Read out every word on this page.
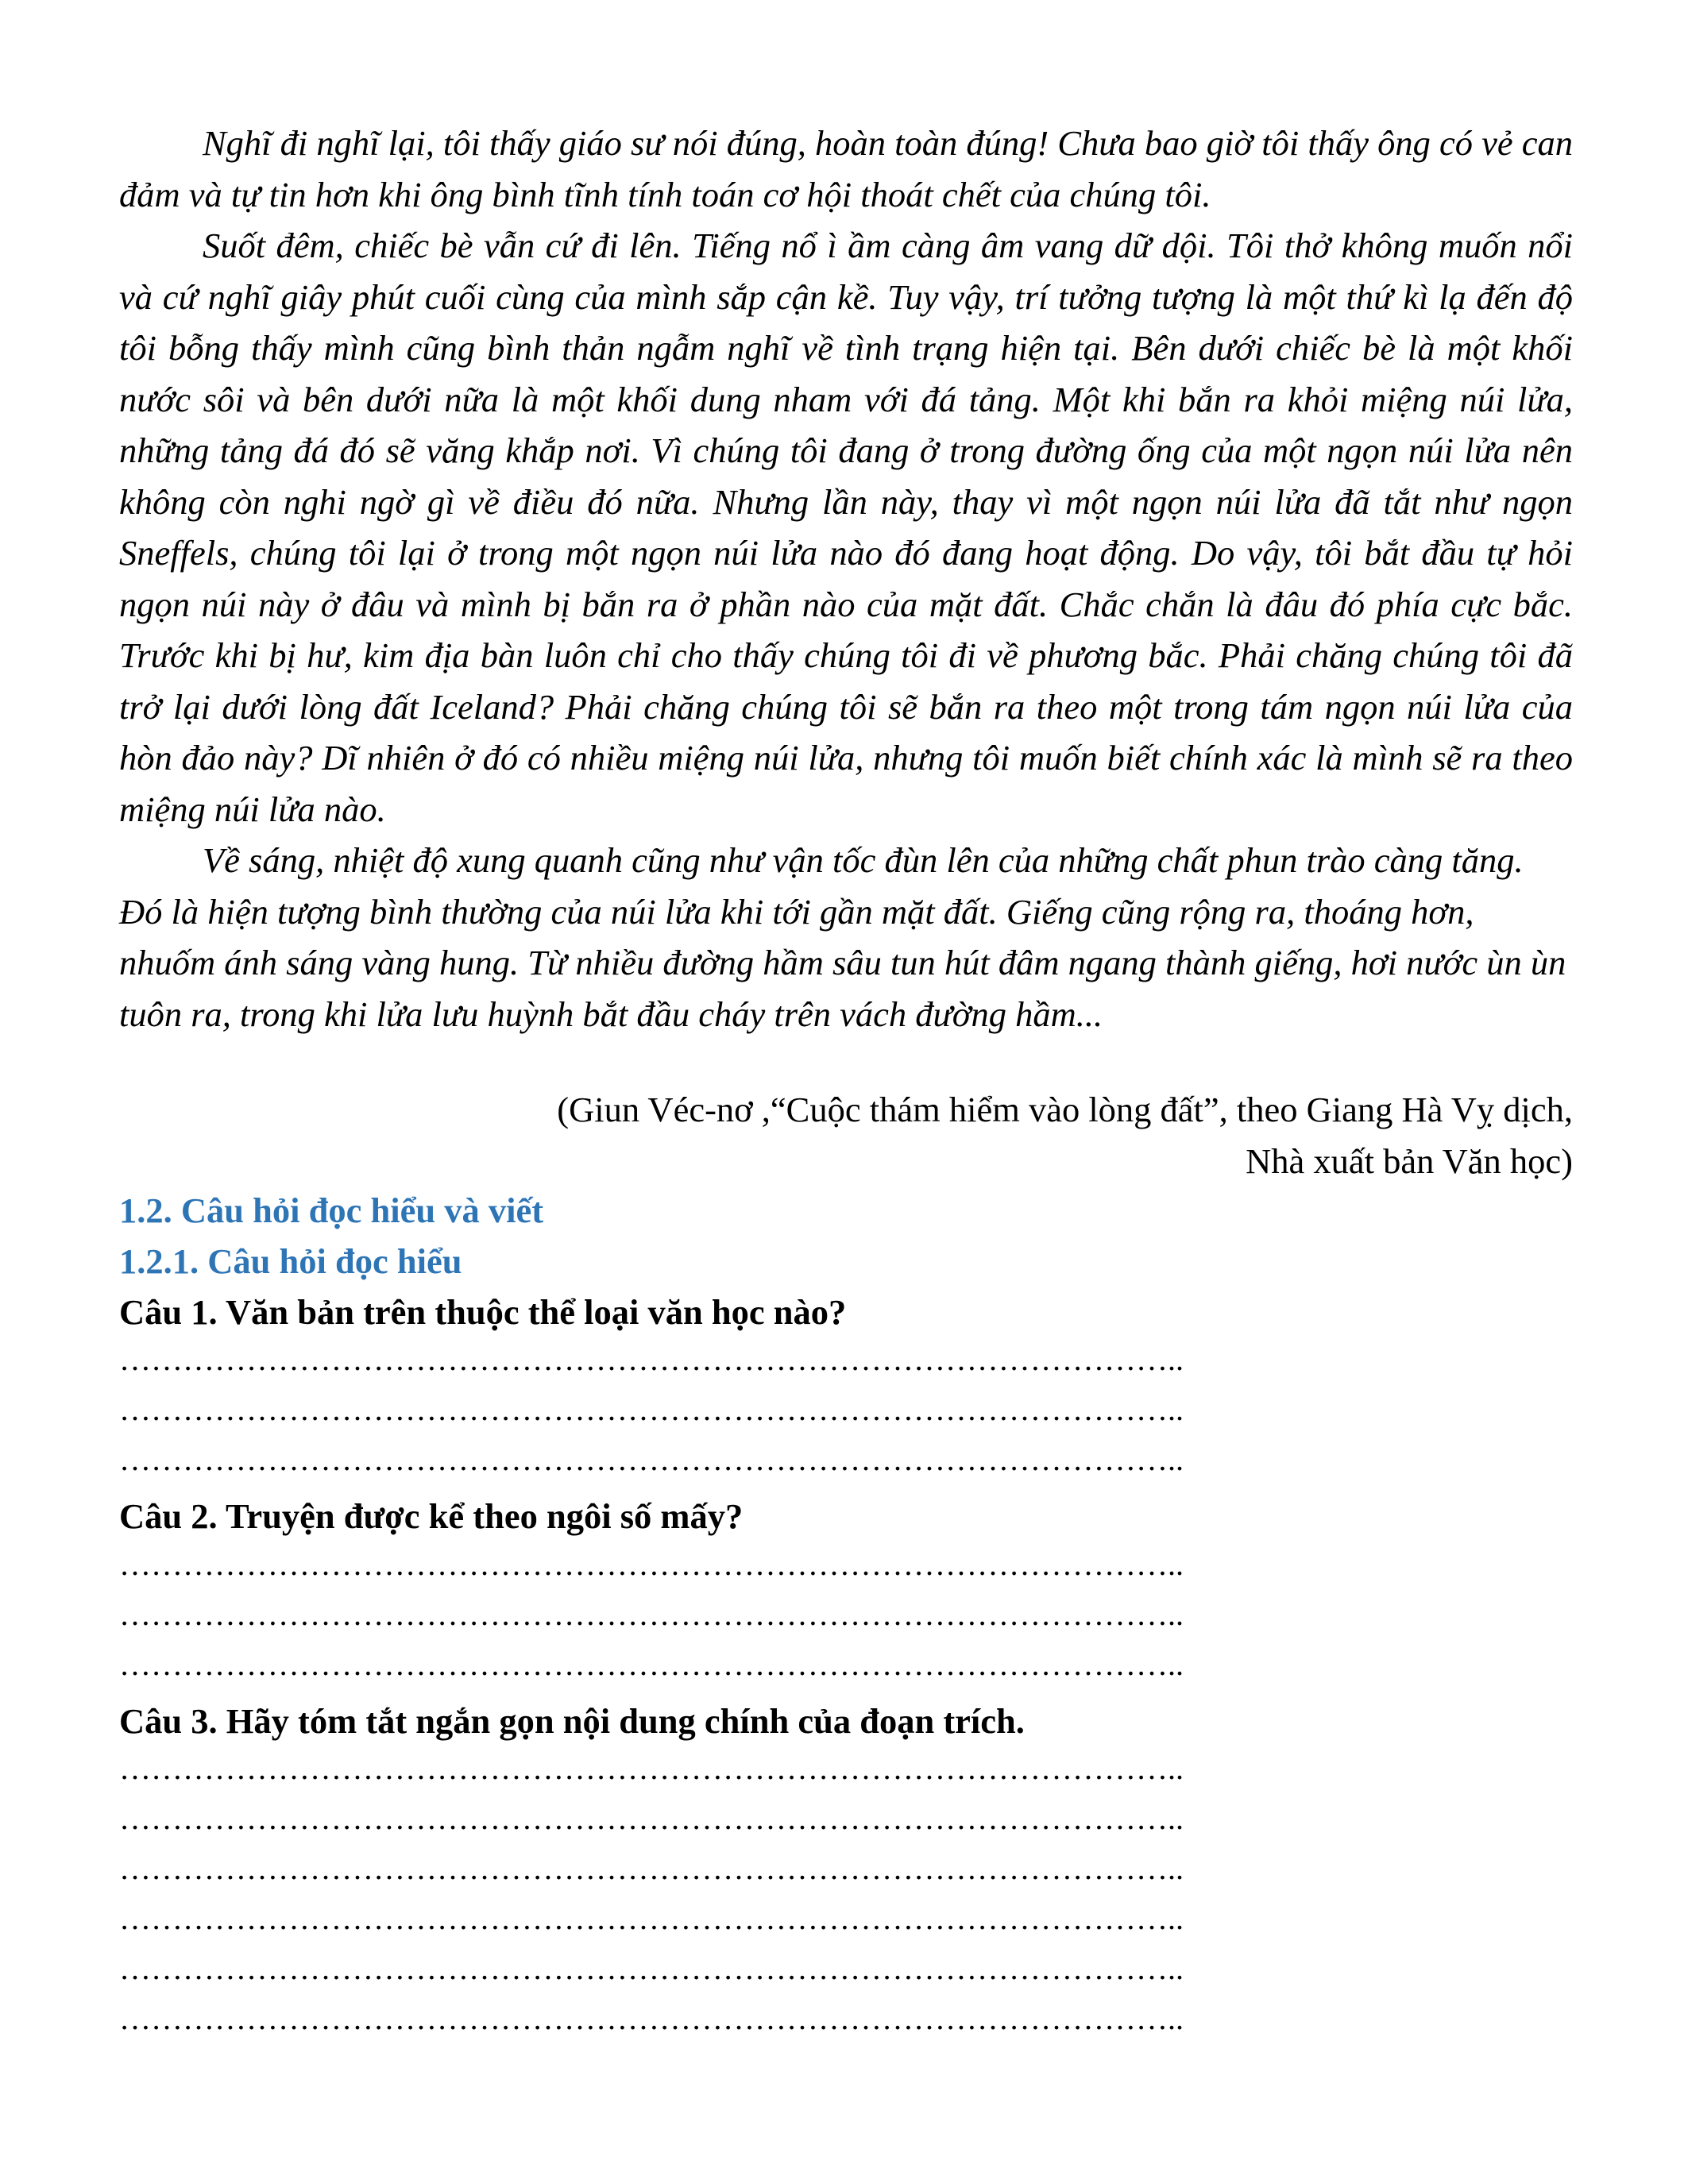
Nghĩ đi nghĩ lại, tôi thấy giáo sư nói đúng, hoàn toàn đúng! Chưa bao giờ tôi thấy ông có vẻ can đảm và tự tin hơn khi ông bình tĩnh tính toán cơ hội thoát chết của chúng tôi.

Suốt đêm, chiếc bè vẫn cứ đi lên. Tiếng nổ ì ầm càng âm vang dữ dội. Tôi thở không muốn nổi và cứ nghĩ giây phút cuối cùng của mình sắp cận kề. Tuy vậy, trí tưởng tượng là một thứ kì lạ đến độ tôi bỗng thấy mình cũng bình thản ngẫm nghĩ về tình trạng hiện tại. Bên dưới chiếc bè là một khối nước sôi và bên dưới nữa là một khối dung nham với đá tảng. Một khi bắn ra khỏi miệng núi lửa, những tảng đá đó sẽ văng khắp nơi. Vì chúng tôi đang ở trong đường ống của một ngọn núi lửa nên không còn nghi ngờ gì về điều đó nữa. Nhưng lần này, thay vì một ngọn núi lửa đã tắt như ngọn Sneffels, chúng tôi lại ở trong một ngọn núi lửa nào đó đang hoạt động. Do vậy, tôi bắt đầu tự hỏi ngọn núi này ở đâu và mình bị bắn ra ở phần nào của mặt đất. Chắc chắn là đâu đó phía cực bắc. Trước khi bị hư, kim địa bàn luôn chỉ cho thấy chúng tôi đi về phương bắc. Phải chăng chúng tôi đã trở lại dưới lòng đất Iceland? Phải chăng chúng tôi sẽ bắn ra theo một trong tám ngọn núi lửa của hòn đảo này? Dĩ nhiên ở đó có nhiều miệng núi lửa, nhưng tôi muốn biết chính xác là mình sẽ ra theo miệng núi lửa nào.

Về sáng, nhiệt độ xung quanh cũng như vận tốc đùn lên của những chất phun trào càng tăng. Đó là hiện tượng bình thường của núi lửa khi tới gần mặt đất. Giếng cũng rộng ra, thoáng hơn, nhuốm ánh sáng vàng hung. Từ nhiều đường hầm sâu tun hút đâm ngang thành giếng, hơi nước ùn ùn tuôn ra, trong khi lửa lưu huỳnh bắt đầu cháy trên vách đường hầm...

(Giun Véc-nơ ,“Cuộc thám hiểm vào lòng đất”, theo Giang Hà Vỵ dịch,
Nhà xuất bản Văn học)
1.2. Câu hỏi đọc hiểu và viết
1.2.1. Câu hỏi đọc hiểu
Câu 1. Văn bản trên thuộc thể loại văn học nào?
………………………………………………………………………………………..
………………………………………………………………………………………..
………………………………………………………………………………………..
Câu 2. Truyện được kể theo ngôi số mấy?
………………………………………………………………………………………..
………………………………………………………………………………………..
………………………………………………………………………………………..
Câu 3. Hãy tóm tắt ngắn gọn nội dung chính của đoạn trích.
………………………………………………………………………………………..
………………………………………………………………………………………..
………………………………………………………………………………………..
………………………………………………………………………………………..
………………………………………………………………………………………..
………………………………………………………………………………………..
